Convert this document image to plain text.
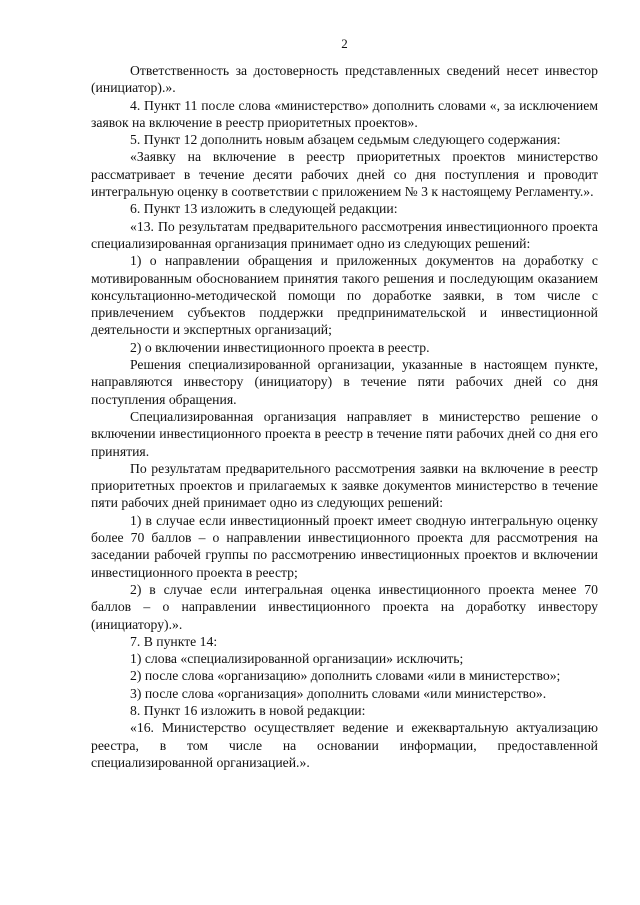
2

Ответственность за достоверность представленных сведений несет инвестор (инициатор).».

4. Пункт 11 после слова «министерство» дополнить словами «, за исключением заявок на включение в реестр приоритетных проектов».

5. Пункт 12 дополнить новым абзацем седьмым следующего содержания:

«Заявку на включение в реестр приоритетных проектов министерство рассматривает в течение десяти рабочих дней со дня поступления и проводит интегральную оценку в соответствии с приложением № 3 к настоящему Регламенту.».

6. Пункт 13 изложить в следующей редакции:

«13. По результатам предварительного рассмотрения инвестиционного проекта специализированная организация принимает одно из следующих решений:

1) о направлении обращения и приложенных документов на доработку с мотивированным обоснованием принятия такого решения и последующим оказанием консультационно-методической помощи по доработке заявки, в том числе с привлечением субъектов поддержки предпринимательской и инвестиционной деятельности и экспертных организаций;

2) о включении инвестиционного проекта в реестр.

Решения специализированной организации, указанные в настоящем пункте, направляются инвестору (инициатору) в течение пяти рабочих дней со дня поступления обращения.

Специализированная организация направляет в министерство решение о включении инвестиционного проекта в реестр в течение пяти рабочих дней со дня его принятия.

По результатам предварительного рассмотрения заявки на включение в реестр приоритетных проектов и прилагаемых к заявке документов министерство в течение пяти рабочих дней принимает одно из следующих решений:

1) в случае если инвестиционный проект имеет сводную интегральную оценку более 70 баллов – о направлении инвестиционного проекта для рассмотрения на заседании рабочей группы по рассмотрению инвестиционных проектов и включении инвестиционного проекта в реестр;

2) в случае если интегральная оценка инвестиционного проекта менее 70 баллов – о направлении инвестиционного проекта на доработку инвестору (инициатору).».

7. В пункте 14:

1) слова «специализированной организации» исключить;

2) после слова «организацию» дополнить словами «или в министерство»;

3) после слова «организация» дополнить словами «или министерство».

8. Пункт 16 изложить в новой редакции:

«16. Министерство осуществляет ведение и ежеквартальную актуализацию реестра, в том числе на основании информации, предоставленной специализированной организацией.».
